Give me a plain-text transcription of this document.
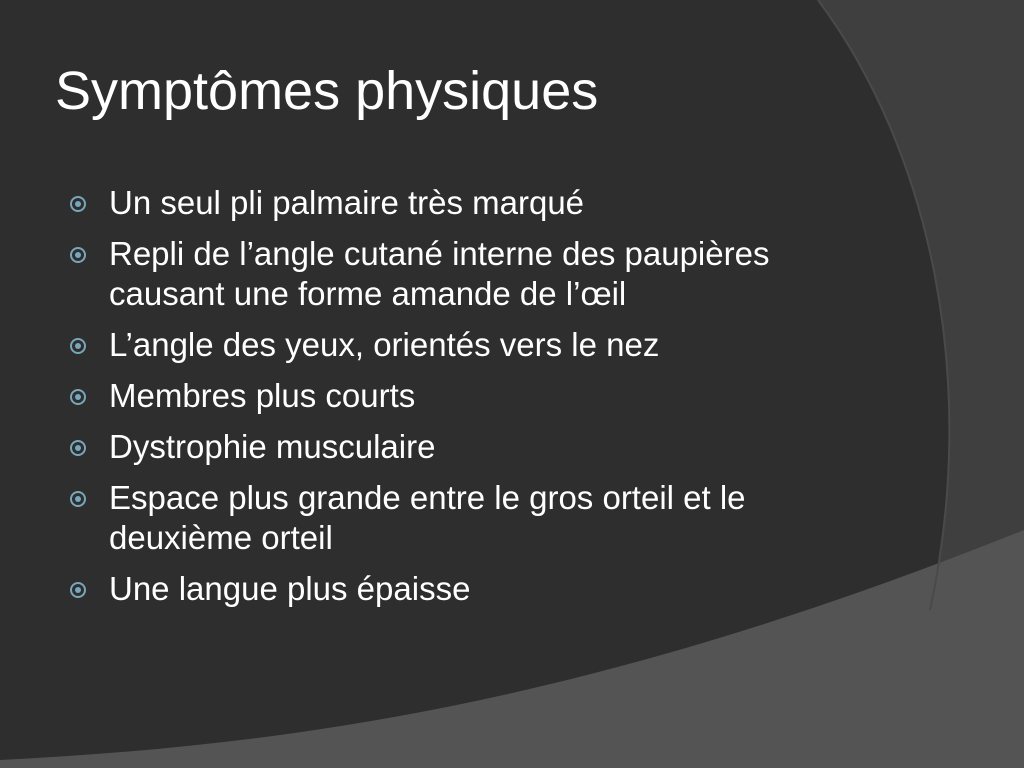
Symptômes physiques
Un seul pli palmaire très marqué
Repli de l’angle cutané interne des paupières causant une forme amande de l’œil
L’angle des yeux, orientés vers le nez
Membres plus courts
Dystrophie musculaire
Espace plus grande entre le gros orteil et le deuxième orteil
Une langue plus épaisse
